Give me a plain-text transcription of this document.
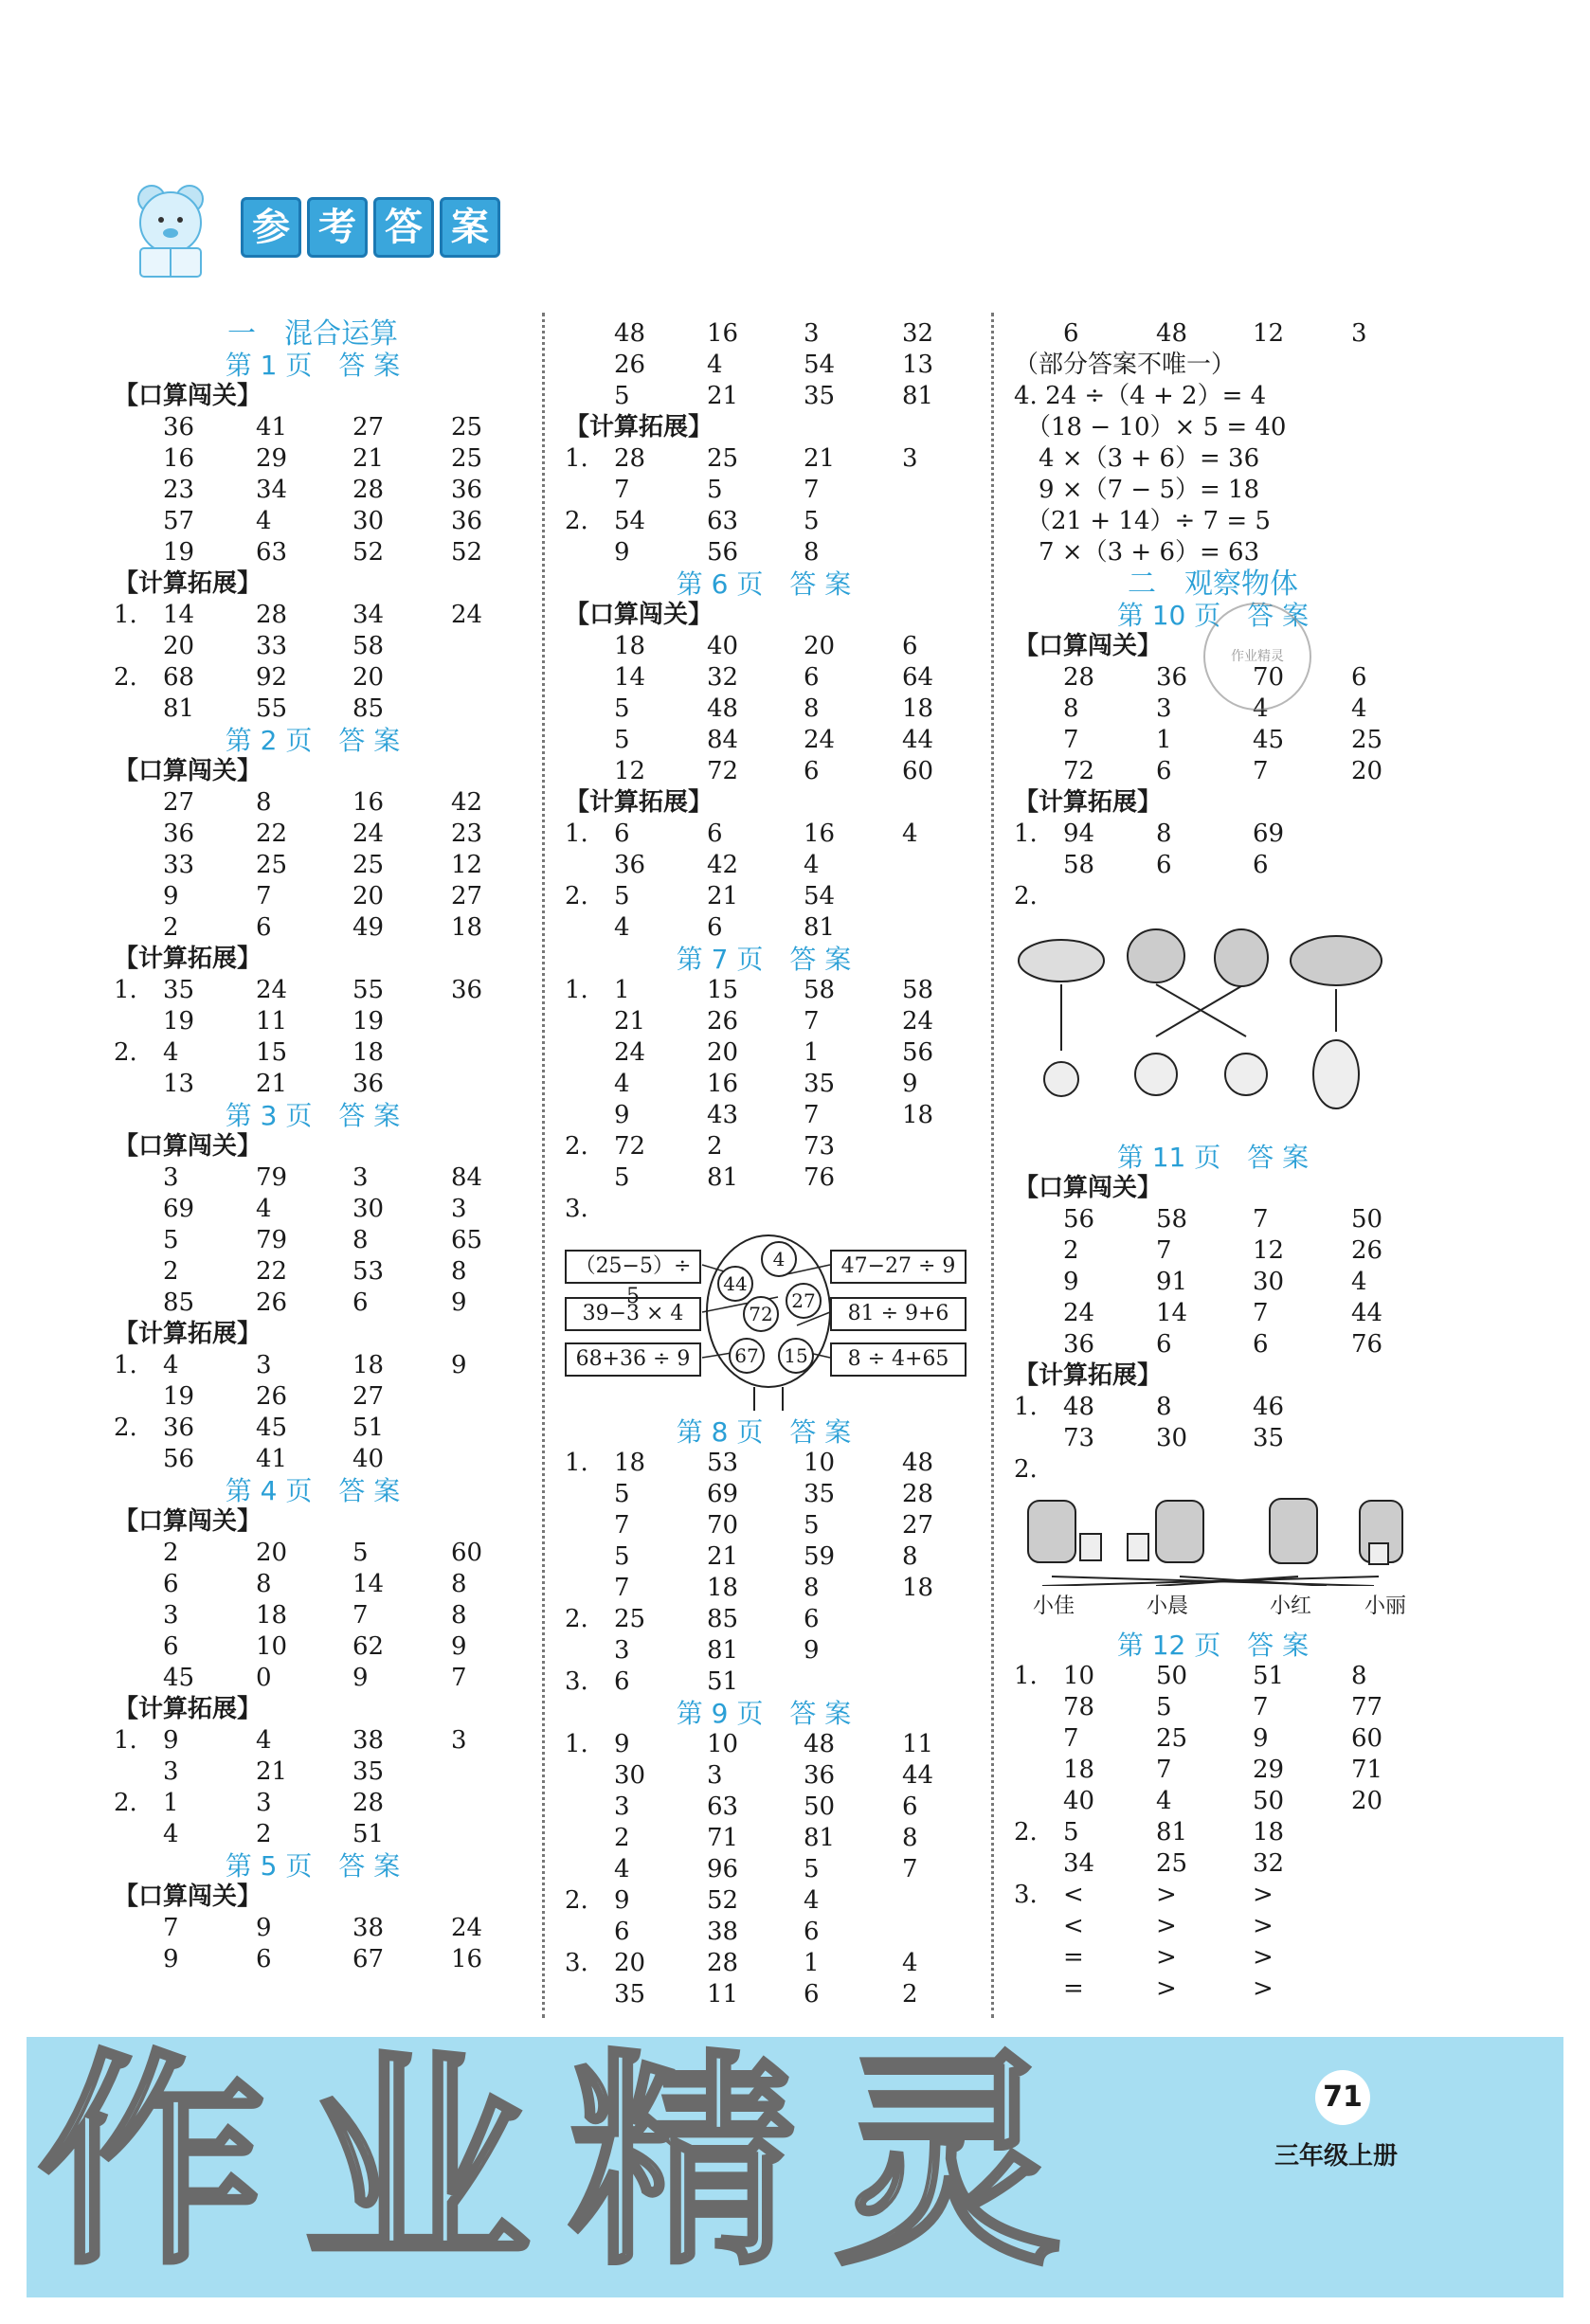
参 考 答 案
一　混合运算
第 1 页　答 案
【口算闯关】
36 41	27	25
16 29	21	25
23 34	28	36
57 4	30	36
19 63	52	52
【计算拓展】
1. 14 28	34	24
20 33	58
2. 68 92	20
81 55	85
第 2 页　答 案
【口算闯关】
27 8	16	42
36 22	24	23
33 25	25	12
9	7	20	27
2	6	49	18
【计算拓展】
1. 35 24	55	36
19 11	19
2. 4	15	18
13 21	36
第 3 页　答 案
【口算闯关】
3	79	3	84
69 4	30	3
5	79	8	65
2	22	53	8
85 26	6	9
【计算拓展】
1. 4	3	18	9
19 26	27
2. 36 45	51
56 41	40
第 4 页　答 案
【口算闯关】
2	20	5	60
6	8	14	8
3	18	7	8
6	10	62	9
45 0	9	7
【计算拓展】
1. 9	4	38	3
3	21	35
2. 1	3	28
4	2	51
第 5 页　答 案
【口算闯关】
7	9	38	24
9	6	67	16
48 16	3	32
26 4	54	13
5	21	35	81
【计算拓展】
1. 28 25	21	3
7	5	7
2. 54 63	5
9	56	8
第 6 页　答 案
【口算闯关】
18 40	20	6
14 32	6	64
5	48	8	18
5	84	24	44
12 72	6	60
【计算拓展】
1. 6	6	16	4
36 42	4
2. 5	21	54
4	6	81
第 7 页　答 案
1. 1	15	58	58
21 26	7	24
24 20	1	56
4	16	35	9
9	43	7	18
2. 72 2	73
5	81	76
3.
4
44
72
27
67	15
（25−5）÷ 5
47−27 ÷ 9
39−3 × 4	81 ÷ 9+6
68+36 ÷ 9	8 ÷ 4+65
第 8 页　答 案
1. 18 53	10	48
5	69	35	28
7	70	5	27
5	21	59	8
7	18	8	18
2. 25 85	6
3	81	9
3. 6	51
第 9 页　答 案
1. 9	10	48	11
30 3	36	44
3	63	50	6
2	71	81	8
4	96	5	7
2. 9	52	4
6	38	6
3. 20 28	1	4
35 11	6	2
6	48	12	3
（部分答案不唯一）
4. 24 ÷（4 + 2）= 4
　（18 − 10）× 5 = 40
　4 ×（3 + 6）= 36
　9 ×（7 − 5）= 18
　（21 + 14）÷ 7 = 5
　7 ×（3 + 6）= 63
二　观察物体
第 10 页　答 案
【口算闯关】
28 36	70	6
8	3	4	4
7	1	45	25
72 6	7	20
【计算拓展】
1. 94 8	69
58 6	6
2.
第 11 页　答 案
【口算闯关】
56 58	7	50
2	7	12	26
9	91	30	4
24 14	7	44
36 6	6	76
【计算拓展】
1. 48 8	46
73 30	35
2.
小佳	小晨	小红	小丽
第 12 页　答 案
1. 10 50	51	8
78 5	7	77
7	25	9	60
18 7	29	71
40 4	50	20
2. 5	81	18
34 25	32
3. <	>	>
<	>	>
=	>	>
=	>	>
作业精灵
作业精灵	71
三年级上册
